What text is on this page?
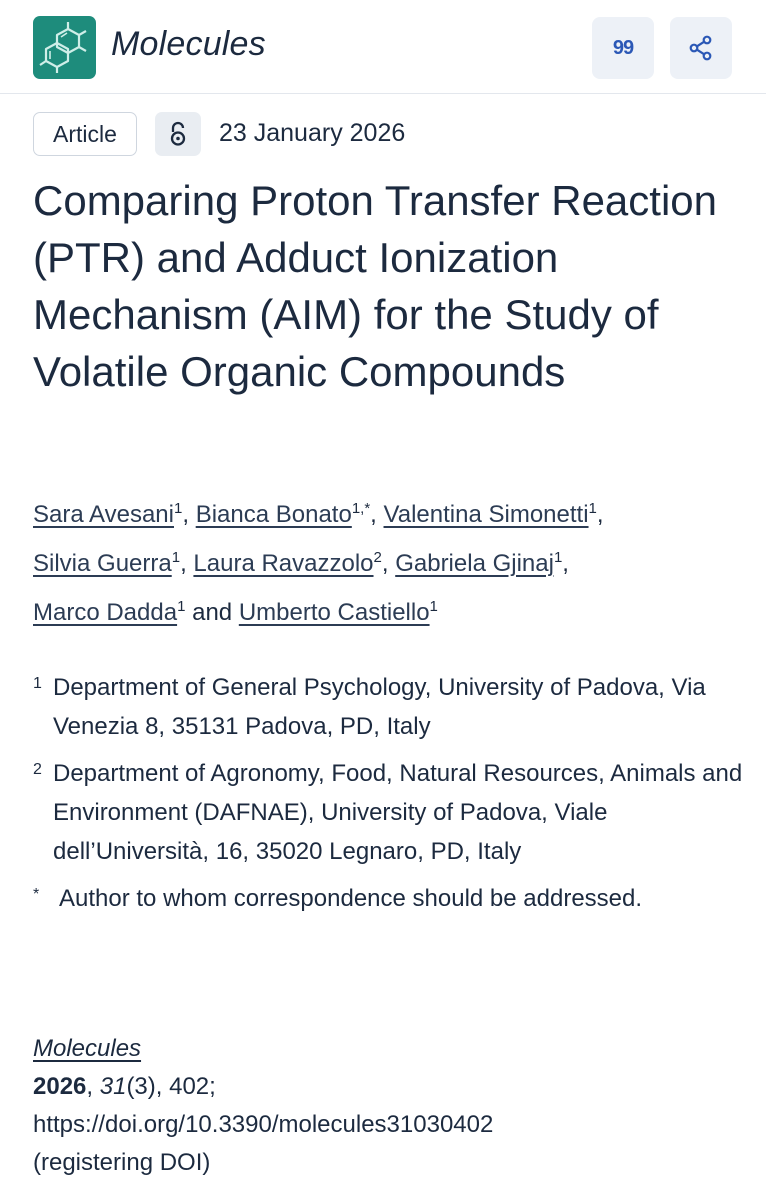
Molecules	99
Article	23 January 2026
Comparing Proton Transfer Reaction (PTR) and Adduct Ionization Mechanism (AIM) for the Study of Volatile Organic Compounds
Sara Avesani$^1$, Bianca Bonato$^{1,*}$, Valentina Simonetti$^1$,
Silvia Guerra$^1$, Laura Ravazzolo$^2$, Gabriela Gjinaj$^1$,
Marco Dadda$^1$ and Umberto Castiello$^1$
1 Department of General Psychology, University of Padova, Via Venezia 8, 35131 Padova, PD, Italy
2 Department of Agronomy, Food, Natural Resources, Animals and Environment (DAFNAE), University of Padova, Viale dell’Università, 16, 35020 Legnaro, PD, Italy
* Author to whom correspondence should be addressed.
Molecules
2026, 31(3), 402;
https://doi.org/10.3390/molecules31030402
(registering DOI)
